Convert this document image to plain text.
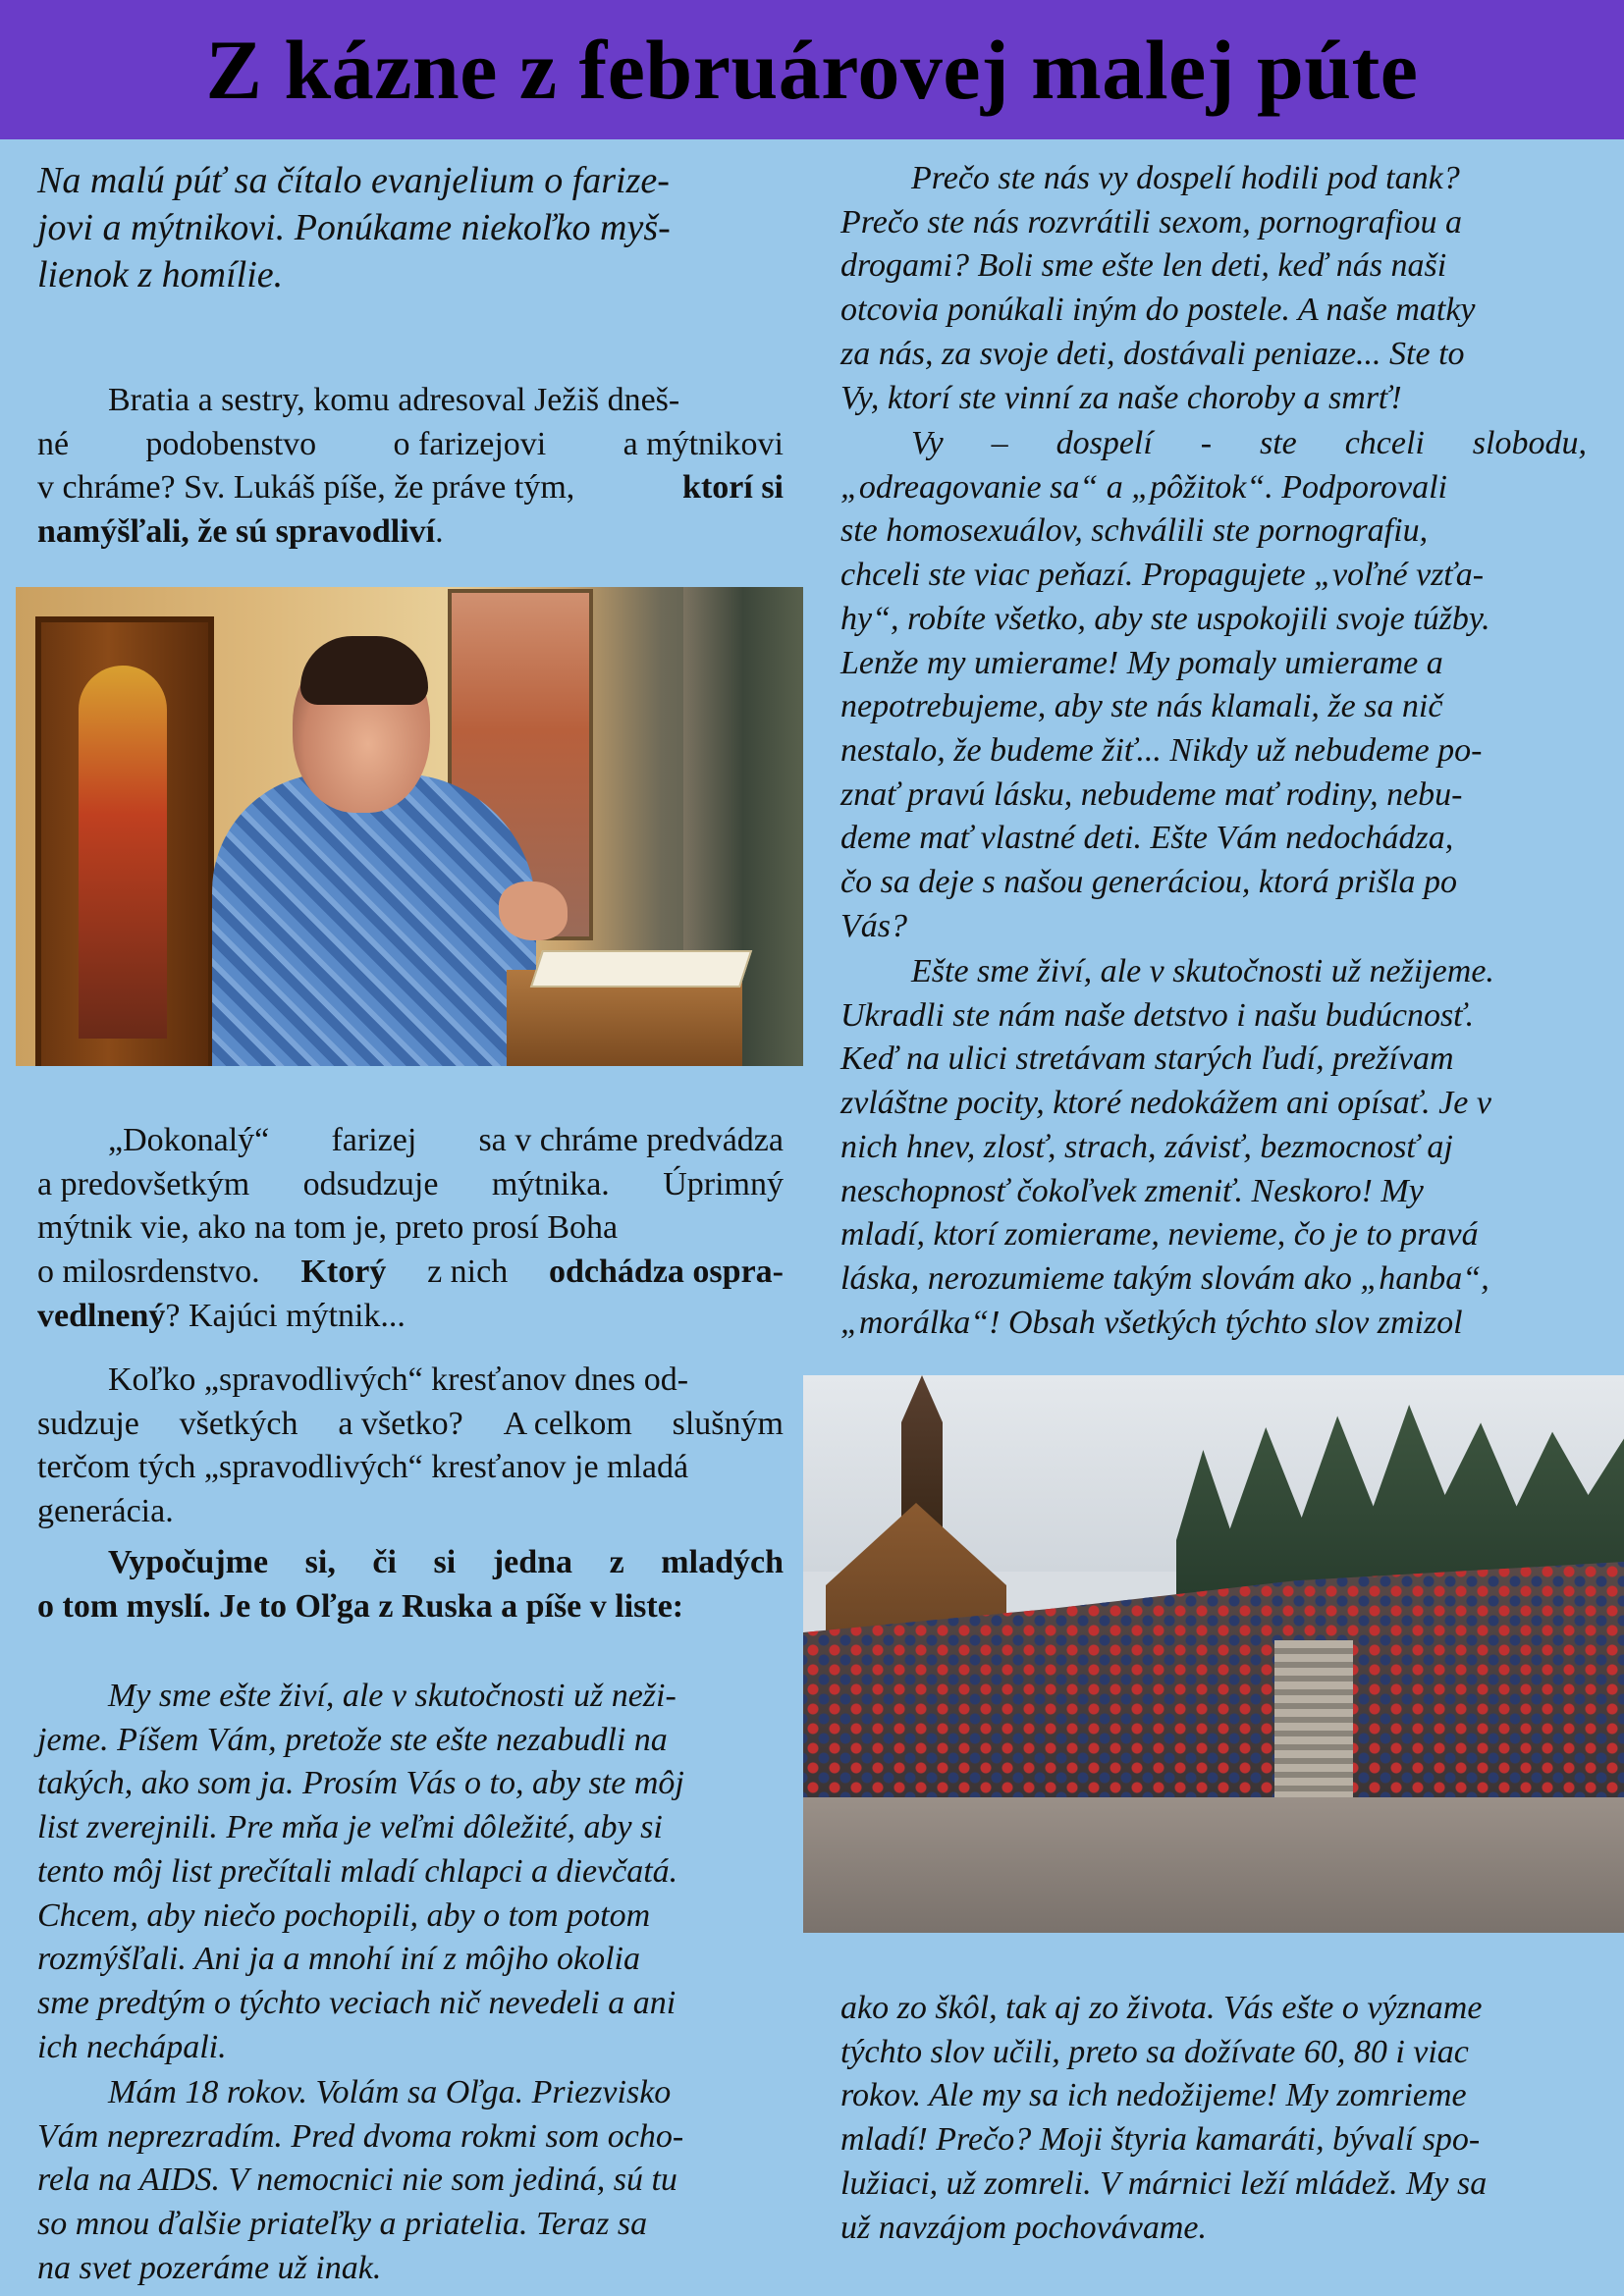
Z kázne z februárovej malej púte
Na malú púť sa čítalo evanjelium o farize-
jovi a mýtnikovi. Ponúkame niekoľko myš-
lienok z homílie.
Bratia a sestry, komu adresoval Ježiš dneš-
né podobenstvo o farizejovi a mýtnikovi
v chráme? Sv. Lukáš píše, že práve tým,	ktorí si
namýšľali, že sú spravodliví.
„Dokonalý“ farizej sa v chráme predvádza
a predovšetkým odsudzuje mýtnika. Úprimný
mýtnik vie, ako na tom je, preto prosí Boha
o milosrdenstvo. Ktorý z nich odchádza ospra-
vedlnený? Kajúci mýtnik...
Koľko „spravodlivých“ kresťanov dnes od-
sudzuje všetkých a všetko? A celkom slušným
terčom tých „spravodlivých“ kresťanov je mladá
generácia.
Vypočujme si, či si jedna z mladých
o tom myslí. Je to Oľga z Ruska a píše v liste:
My sme ešte živí, ale v skutočnosti už neži-
jeme. Píšem Vám, pretože ste ešte nezabudli na
takých, ako som ja. Prosím Vás o to, aby ste môj
list zverejnili. Pre mňa je veľmi dôležité, aby si
tento môj list prečítali mladí chlapci a dievčatá.
Chcem, aby niečo pochopili, aby o tom potom
rozmýšľali. Ani ja a mnohí iní z môjho okolia
sme predtým o týchto veciach nič nevedeli a ani
ich nechápali.
Mám 18 rokov. Volám sa Oľga. Priezvisko
Vám neprezradím. Pred dvoma rokmi som ocho-
rela na AIDS. V nemocnici nie som jediná, sú tu
so mnou ďalšie priateľky a priatelia. Teraz sa
na svet pozeráme už inak.
Prečo ste nás vy dospelí hodili pod tank?
Prečo ste nás rozvrátili sexom, pornografiou a
drogami? Boli sme ešte len deti, keď nás naši
otcovia ponúkali iným do postele. A naše matky
za nás, za svoje deti, dostávali peniaze... Ste to
Vy, ktorí ste vinní za naše choroby a smrť!
Vy – dospelí - ste chceli slobodu,
„odreagovanie sa“ a „pôžitok“. Podporovali
ste homosexuálov, schválili ste pornografiu,
chceli ste viac peňazí. Propagujete „voľné vzťa-
hy“, robíte všetko, aby ste uspokojili svoje túžby.
Lenže my umierame! My pomaly umierame a
nepotrebujeme, aby ste nás klamali, že sa nič
nestalo, že budeme žiť... Nikdy už nebudeme po-
znať pravú lásku, nebudeme mať rodiny, nebu-
deme mať vlastné deti. Ešte Vám nedochádza,
čo sa deje s našou generáciou, ktorá prišla po
Vás?
Ešte sme živí, ale v skutočnosti už nežijeme.
Ukradli ste nám naše detstvo i našu budúcnosť.
Keď na ulici stretávam starých ľudí, prežívam
zvláštne pocity, ktoré nedokážem ani opísať. Je v
nich hnev, zlosť, strach, závisť, bezmocnosť aj
neschopnosť čokoľvek zmeniť. Neskoro! My
mladí, ktorí zomierame, nevieme, čo je to pravá
láska, nerozumieme takým slovám ako „hanba“,
„morálka“! Obsah všetkých týchto slov zmizol
ako zo škôl, tak aj zo života. Vás ešte o význame
týchto slov učili, preto sa dožívate 60, 80 i viac
rokov. Ale my sa ich nedožijeme! My zomrieme
mladí! Prečo? Moji štyria kamaráti, bývalí spo-
lužiaci, už zomreli. V márnici leží mládež. My sa
už navzájom pochovávame.
